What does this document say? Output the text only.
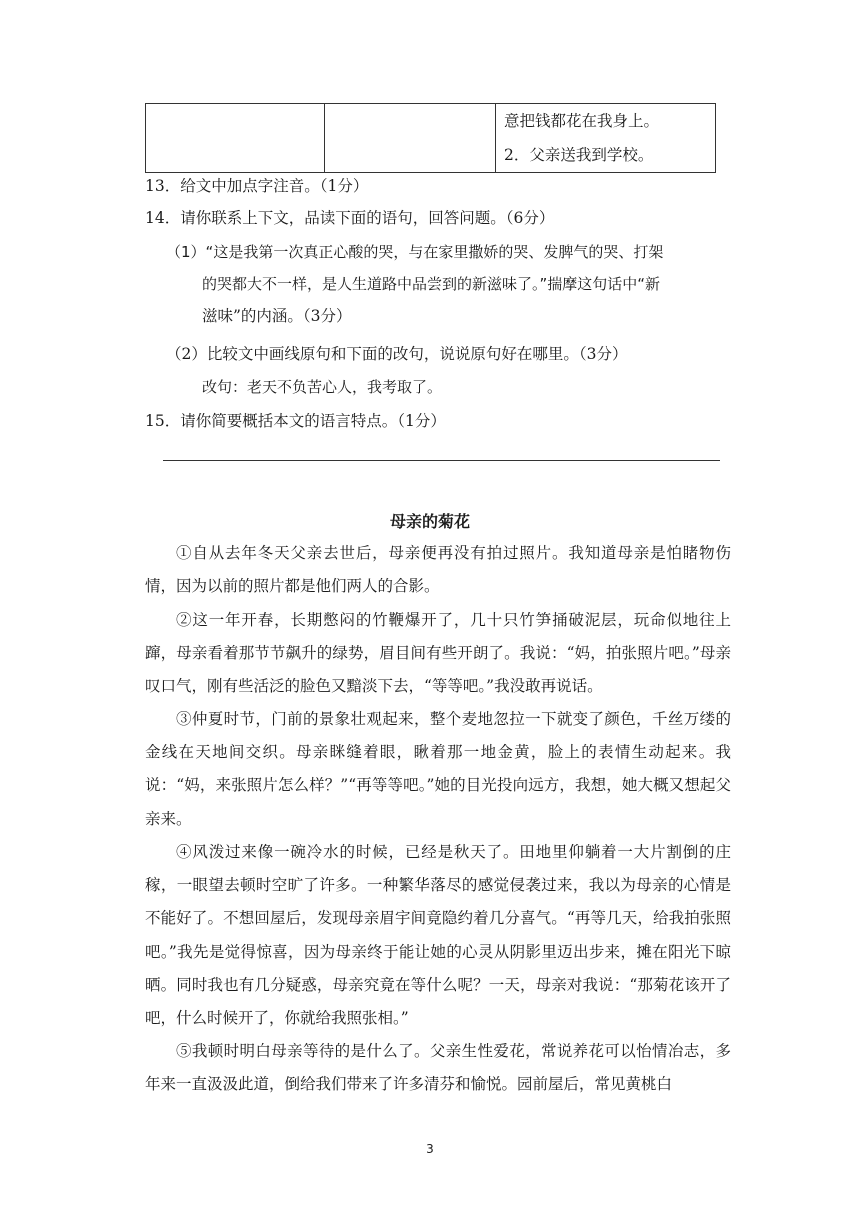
意把钱都花在我身上。
2．父亲送我到学校。
13．给文中加点字注音。（1分）
14．请你联系上下文，品读下面的语句，回答问题。（6分）
（1）“这是我第一次真正心酸的哭，与在家里撒娇的哭、发脾气的哭、打架
的哭都大不一样，是人生道路中品尝到的新滋味了。”揣摩这句话中“新
滋味”的内涵。（3分）
（2）比较文中画线原句和下面的改句，说说原句好在哪里。（3分）
改句：老天不负苦心人，我考取了。
15．请你简要概括本文的语言特点。（1分）
母亲的菊花
①自从去年冬天父亲去世后，母亲便再没有拍过照片。我知道母亲是怕睹物伤情，因为以前的照片都是他们两人的合影。
②这一年开春，长期憋闷的竹鞭爆开了，几十只竹笋捅破泥层，玩命似地往上蹿，母亲看着那节节飙升的绿势，眉目间有些开朗了。我说：“妈，拍张照片吧。”母亲叹口气，刚有些活泛的脸色又黯淡下去，“等等吧。”我没敢再说话。
③仲夏时节，门前的景象壮观起来，整个麦地忽拉一下就变了颜色，千丝万缕的金线在天地间交织。母亲眯缝着眼，瞅着那一地金黄，脸上的表情生动起来。我说：“妈，来张照片怎么样？”“再等等吧。”她的目光投向远方，我想，她大概又想起父亲来。
④风泼过来像一碗冷水的时候，已经是秋天了。田地里仰躺着一大片割倒的庄稼，一眼望去顿时空旷了许多。一种繁华落尽的感觉侵袭过来，我以为母亲的心情是不能好了。不想回屋后，发现母亲眉宇间竟隐约着几分喜气。“再等几天，给我拍张照吧。”我先是觉得惊喜，因为母亲终于能让她的心灵从阴影里迈出步来，摊在阳光下晾晒。同时我也有几分疑惑，母亲究竟在等什么呢？一天，母亲对我说：“那菊花该开了吧，什么时候开了，你就给我照张相。”
⑤我顿时明白母亲等待的是什么了。父亲生性爱花，常说养花可以怡情冶志，多年来一直汲汲此道，倒给我们带来了许多清芬和愉悦。园前屋后，常见黄桃白
3
